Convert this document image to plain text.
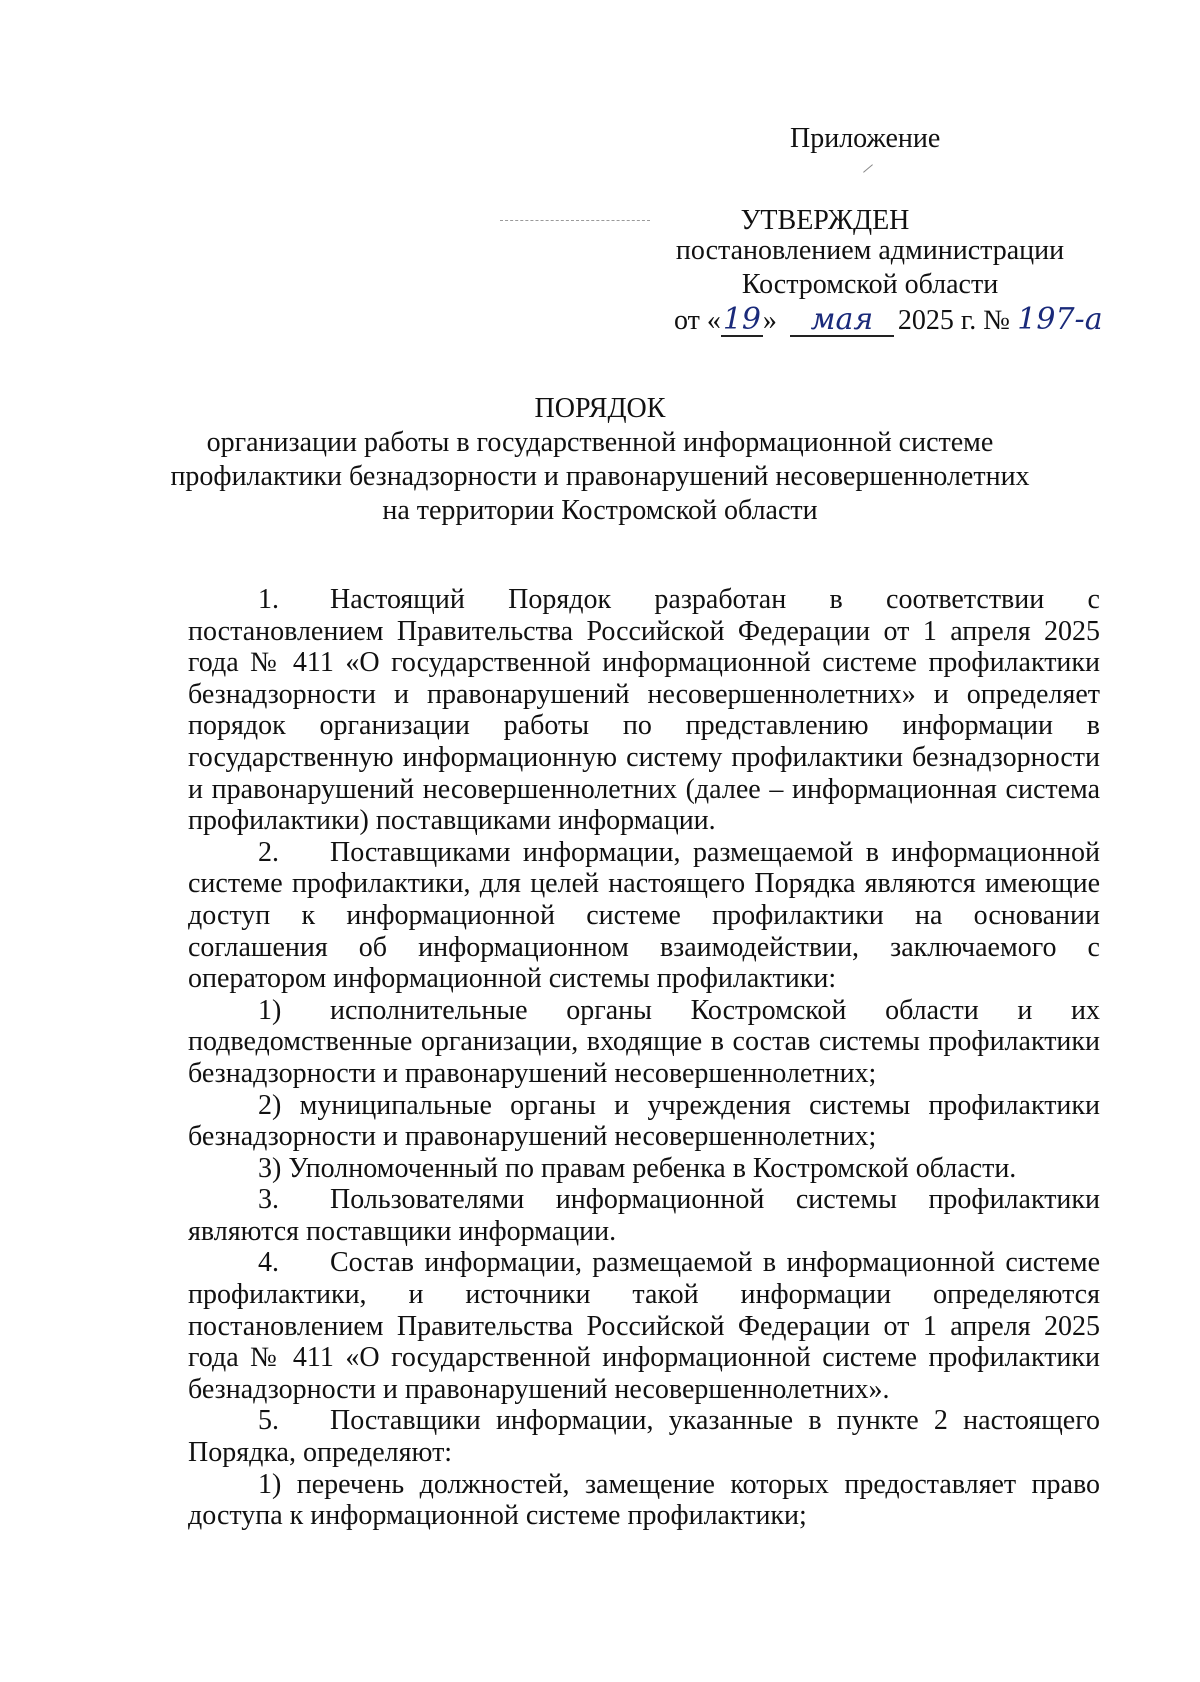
Приложение
УТВЕРЖДЕН
постановлением администрации
Костромской области
от «19» мая 2025 г. № 197-а
ПОРЯДОК
организации работы в государственной информационной системе
профилактики безнадзорности и правонарушений несовершеннолетних
на территории Костромской области

1. Настоящий Порядок разработан в соответствии с постановлением Правительства Российской Федерации от 1 апреля 2025 года № 411 «О государственной информационной системе профилактики безнадзорности и правонарушений несовершеннолетних» и определяет порядок организации работы по представлению информации в государственную информационную систему профилактики безнадзорности и правонарушений несовершеннолетних (далее – информационная система профилактики) поставщиками информации.

2. Поставщиками информации, размещаемой в информационной системе профилактики, для целей настоящего Порядка являются имеющие доступ к информационной системе профилактики на основании соглашения об информационном взаимодействии, заключаемого с оператором информационной системы профилактики:

1) исполнительные органы Костромской области и их подведомственные организации, входящие в состав системы профилактики безнадзорности и правонарушений несовершеннолетних;

2) муниципальные органы и учреждения системы профилактики безнадзорности и правонарушений несовершеннолетних;

3) Уполномоченный по правам ребенка в Костромской области.

3. Пользователями информационной системы профилактики являются поставщики информации.

4. Состав информации, размещаемой в информационной системе профилактики, и источники такой информации определяются постановлением Правительства Российской Федерации от 1 апреля 2025 года № 411 «О государственной информационной системе профилактики безнадзорности и правонарушений несовершеннолетних».

5. Поставщики информации, указанные в пункте 2 настоящего Порядка, определяют:

1) перечень должностей, замещение которых предоставляет право доступа к информационной системе профилактики;
